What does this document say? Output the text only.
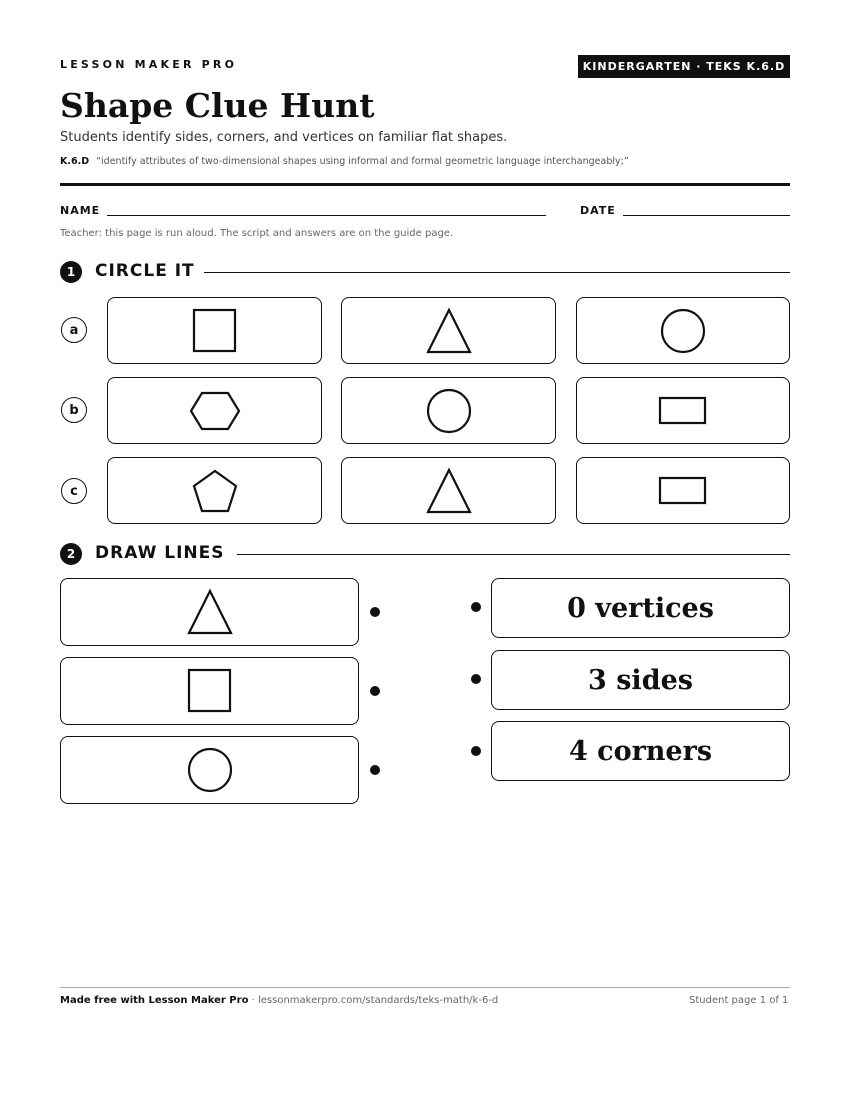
LESSON MAKER PRO	KINDERGARTEN · TEKS K.6.D
Shape Clue Hunt
Students identify sides, corners, and vertices on familiar flat shapes.
K.6.D “identify attributes of two-dimensional shapes using informal and formal geometric language interchangeably;”
NAME	DATE
Teacher: this page is run aloud. The script and answers are on the guide page.
1	CIRCLE IT
a
b
c
2	DRAW LINES
0 vertices
3 sides
4 corners
Made free with Lesson Maker Pro · lessonmakerpro.com/standards/teks-math/k-6-d	Student page 1 of 1
